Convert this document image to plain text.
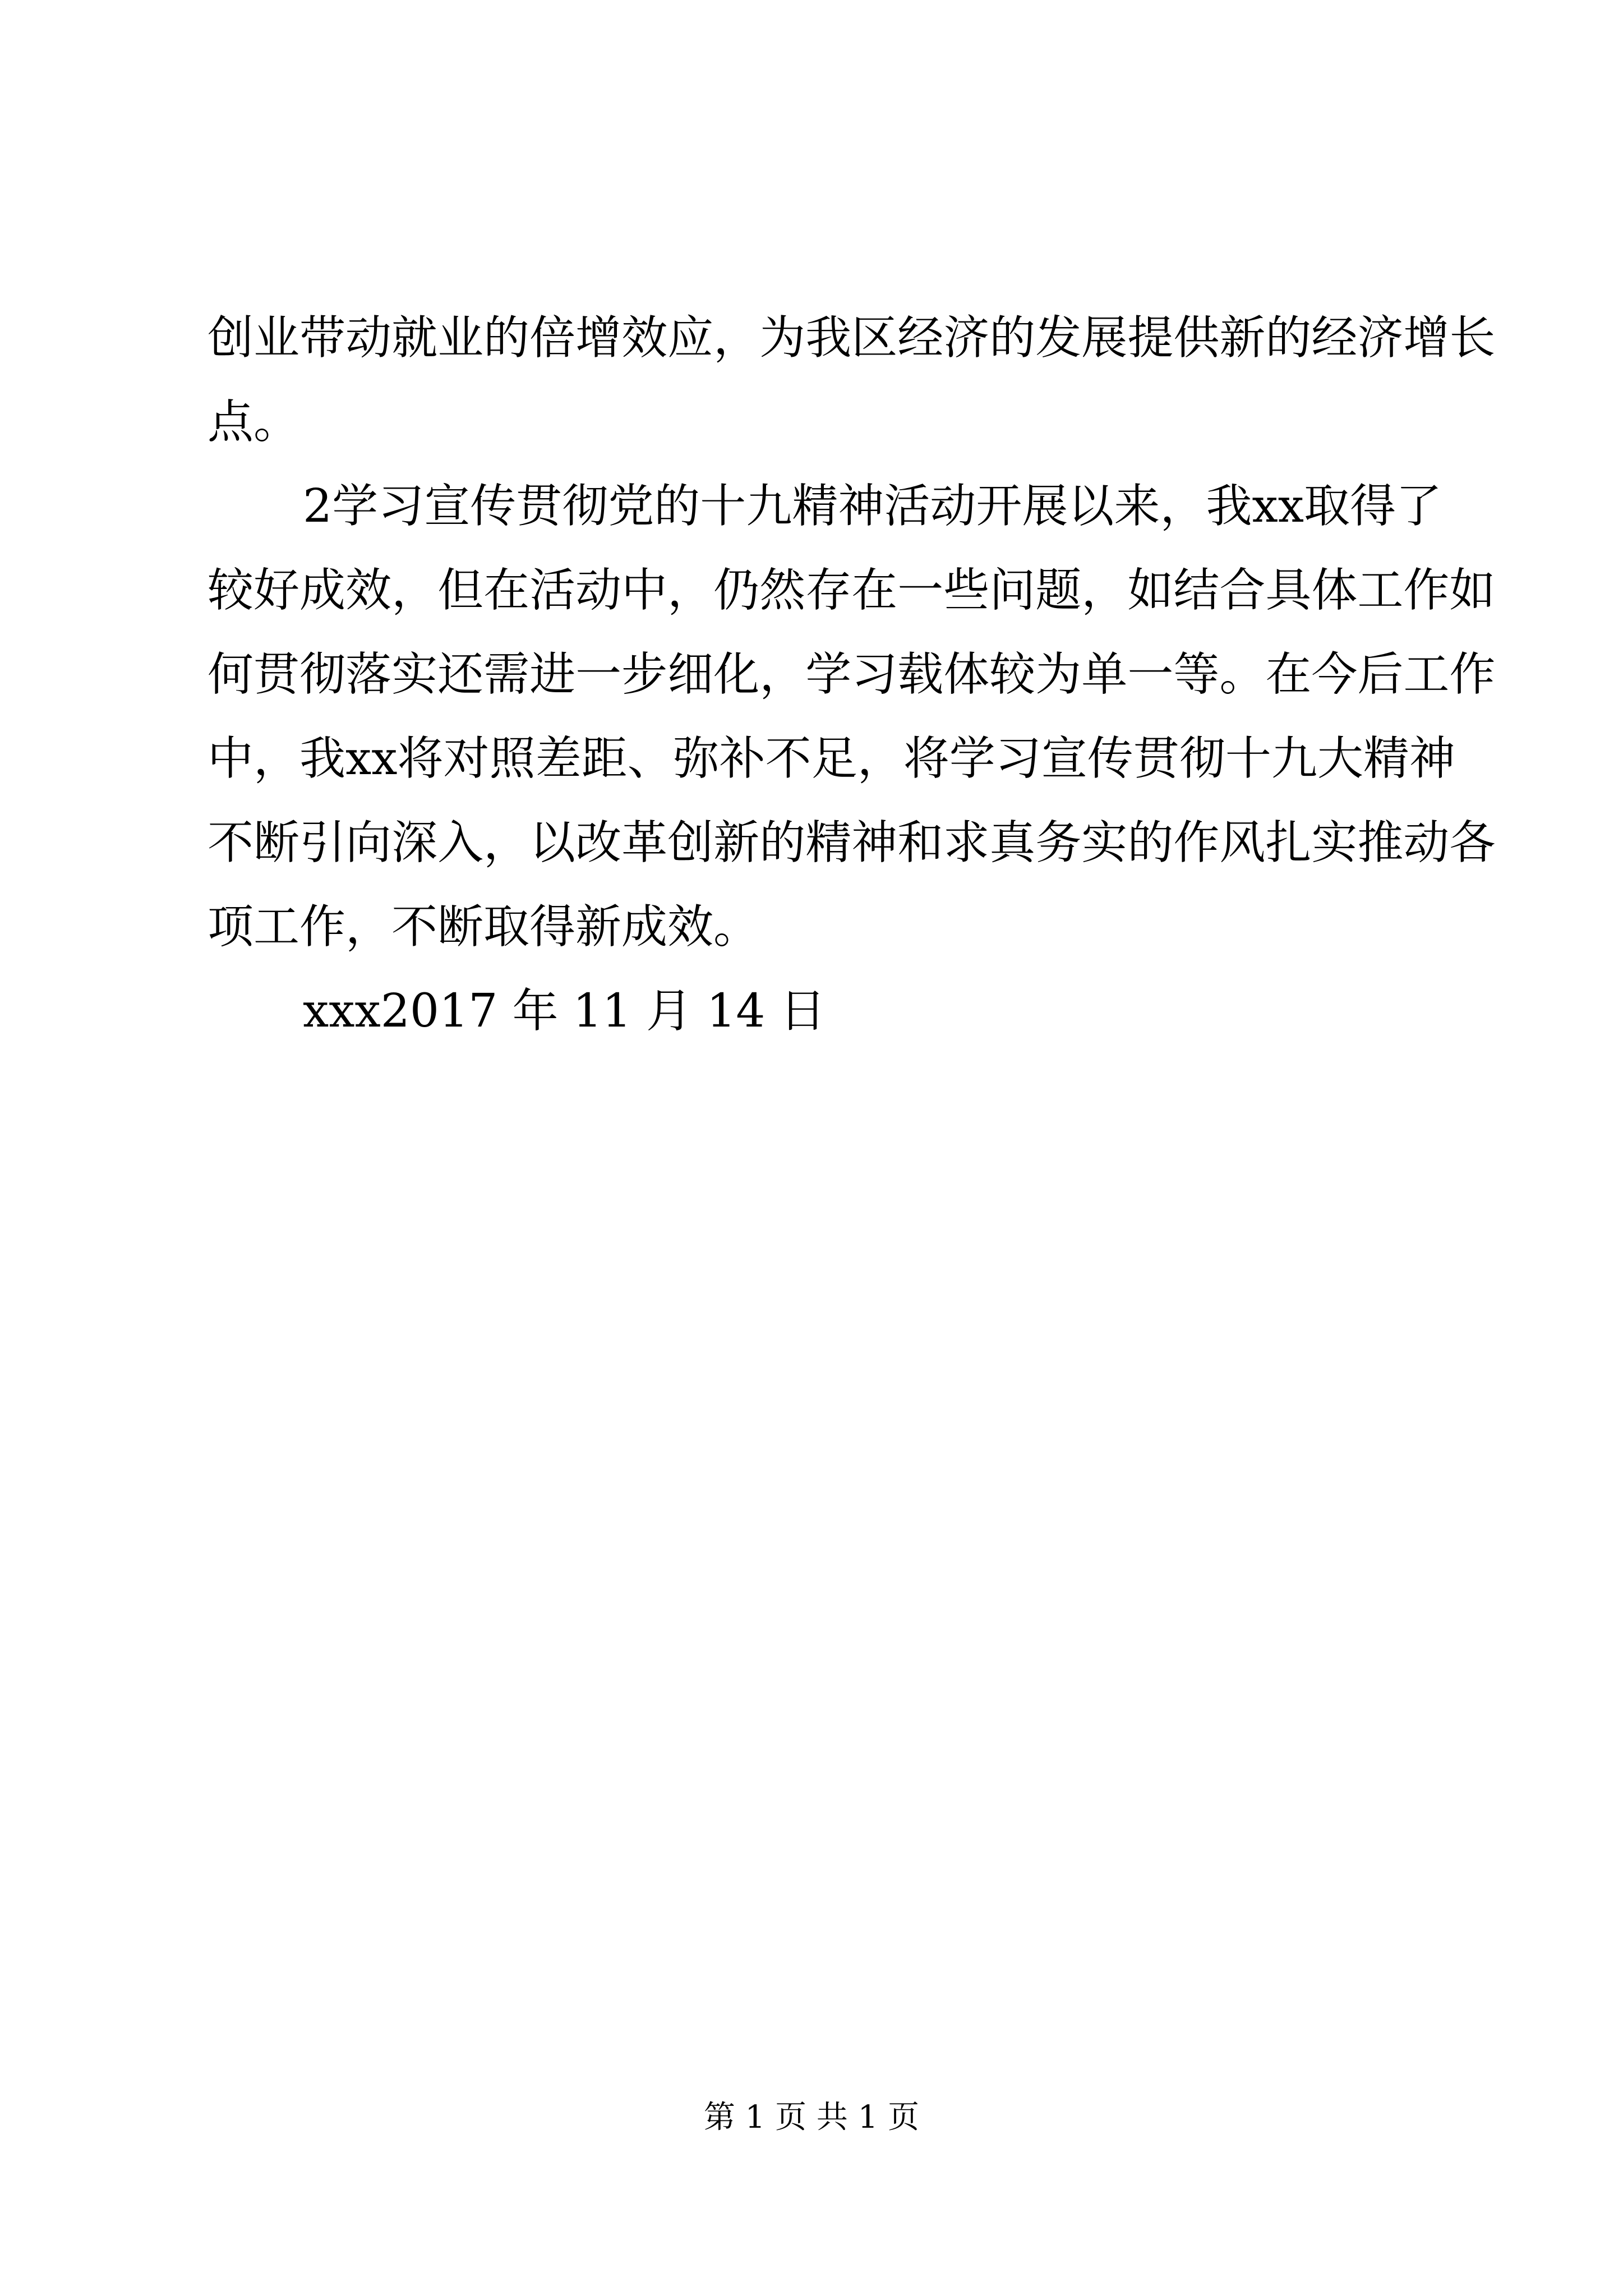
创 业 带 动 就 业 的 倍 增 效 应 ， 为 我 区 经 济 的 发 展 提 供 新 的 经 济 增 长
点。
2 学 习 宣 传 贯 彻 党 的 十 九 精 神 活 动 开 展 以 来 ， 我 xx 取 得 了
较 好 成 效 ， 但 在 活 动 中 ， 仍 然 存 在 一 些 问 题 ， 如 结 合 具 体 工 作 如
何 贯 彻 落 实 还 需 进 一 步 细 化 ， 学 习 载 体 较 为 单 一 等 。 在 今 后 工 作
中 ， 我 xx 将 对 照 差 距 、 弥 补 不 足 ， 将 学 习 宣 传 贯 彻 十 九 大 精 神
不 断 引 向 深 入 ， 以 改 革 创 新 的 精 神 和 求 真 务 实 的 作 风 扎 实 推 动 各
项工作，不断取得新成效。
xxx2017 年 11 月 14 日
第 1 页 共 1 页
